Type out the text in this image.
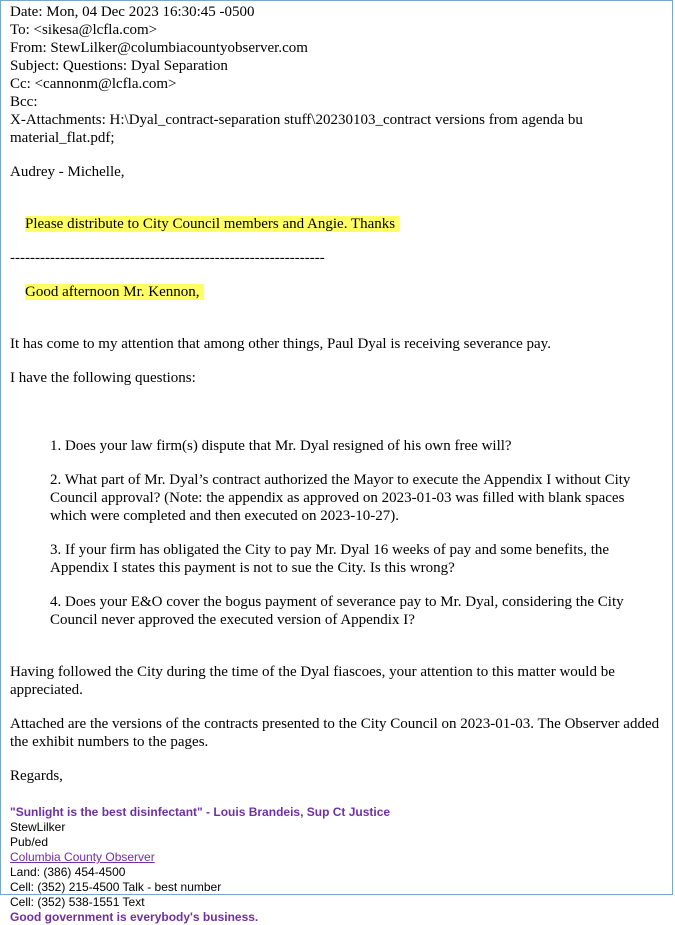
Date: Mon, 04 Dec 2023 16:30:45 -0500
To: <sikesa@lcfla.com>
From: StewLilker@columbiacountyobserver.com
Subject: Questions: Dyal Separation
Cc: <cannonm@lcfla.com>
Bcc:
X-Attachments: H:\Dyal_contract-separation stuff\20230103_contract versions from agenda bu material_flat.pdf;
Audrey - Michelle,

Please distribute to City Council members and Angie. Thanks

---------------------------------------------------------------

Good afternoon Mr. Kennon,

It has come to my attention that among other things, Paul Dyal is receiving severance pay.
I have the following questions:
1. Does your law firm(s) dispute that Mr. Dyal resigned of his own free will?
2. What part of Mr. Dyal’s contract authorized the Mayor to execute the Appendix I without City Council approval? (Note: the appendix as approved on 2023-01-03 was filled with blank spaces which were completed and then executed on 2023-10-27).
3. If your firm has obligated the City to pay Mr. Dyal 16 weeks of pay and some benefits, the Appendix I states this payment is not to sue the City. Is this wrong?
4. Does your E&O cover the bogus payment of severance pay to Mr. Dyal, considering the City Council never approved the executed version of Appendix I?
Having followed the City during the time of the Dyal fiascoes, your attention to this matter would be appreciated.
Attached are the versions of the contracts presented to the City Council on 2023-01-03. The Observer added the exhibit numbers to the pages.
Regards,
"Sunlight is the best disinfectant" - Louis Brandeis, Sup Ct Justice
StewLilker
Pub/ed
Columbia County Observer
Land: (386) 454-4500
Cell: (352) 215-4500 Talk - best number
Cell: (352) 538-1551 Text
Good government is everybody's business.
